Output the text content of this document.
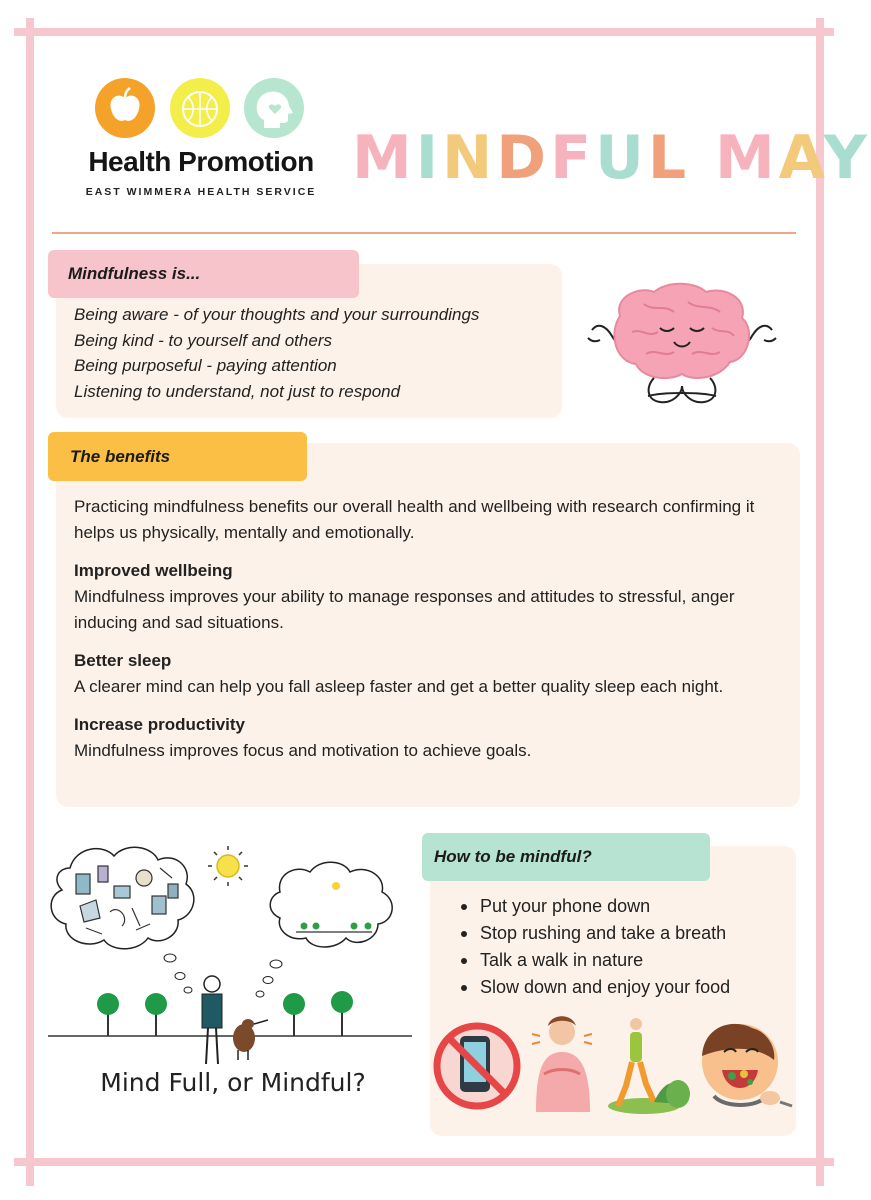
Health Promotion
EAST WIMMERA HEALTH SERVICE MINDFUL MAY
Mindfulness is...
Being aware - of your thoughts and your surroundings
Being kind - to yourself and others
Being purposeful - paying attention
Listening to understand, not just to respond
The benefits

Practicing mindfulness benefits our overall health and wellbeing with research confirming it helps us physically, mentally and emotionally.

Improved wellbeing
Mindfulness improves your ability to manage responses and attitudes to stressful, anger inducing and sad situations.

Better sleep
A clearer mind can help you fall asleep faster and get a better quality sleep each night.

Increase productivity
Mindfulness improves focus and motivation to achieve goals.

Mind Full, or Mindful?
How to be mindful?
Put your phone down
Stop rushing and take a breath
Talk a walk in nature
Slow down and enjoy your food
